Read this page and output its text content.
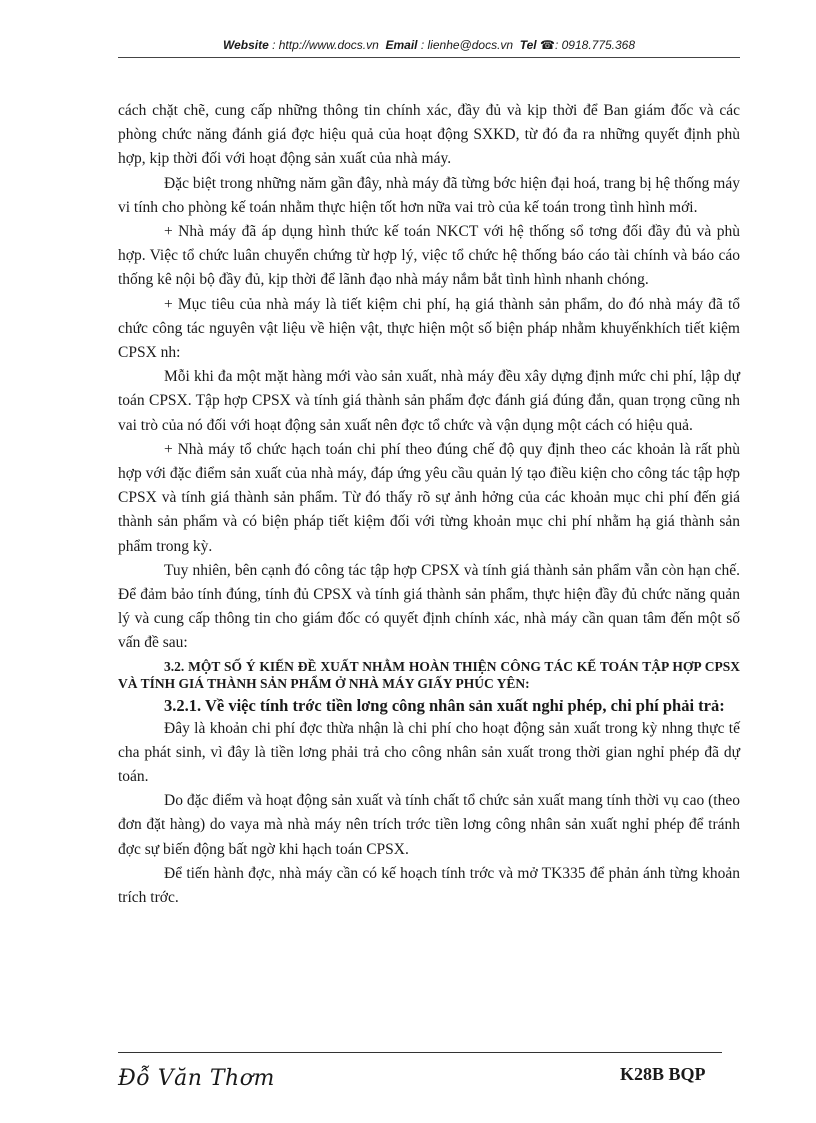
Website : http://www.docs.vn Email : lienhe@docs.vn Tel ☎: 0918.775.368

cách chặt chẽ, cung cấp những thông tin chính xác, đầy đủ và kịp thời để Ban giám đốc và các phòng chức năng đánh giá đợc hiệu quả của hoạt động SXKD, từ đó đa ra những quyết định phù hợp, kịp thời đối với hoạt động sản xuất của nhà máy.

Đặc biệt trong những năm gần đây, nhà máy đã từng bớc hiện đại hoá, trang bị hệ thống máy vi tính cho phòng kế toán nhằm thực hiện tốt hơn nữa vai trò của kế toán trong tình hình mới.

+ Nhà máy đã áp dụng hình thức kế toán NKCT với hệ thống sổ tơng đối đầy đủ và phù hợp. Việc tổ chức luân chuyển chứng từ hợp lý, việc tổ chức hệ thống báo cáo tài chính và báo cáo thống kê nội bộ đầy đủ, kịp thời để lãnh đạo nhà máy nắm bắt tình hình nhanh chóng.

+ Mục tiêu của nhà máy là tiết kiệm chi phí, hạ giá thành sản phẩm, do đó nhà máy đã tổ chức công tác nguyên vật liệu về hiện vật, thực hiện một số biện pháp nhằm khuyếnkhích tiết kiệm CPSX nh:

Mỗi khi đa một mặt hàng mới vào sản xuất, nhà máy đều xây dựng định mức chi phí, lập dự toán CPSX. Tập hợp CPSX và tính giá thành sản phẩm đợc đánh giá đúng đắn, quan trọng cũng nh vai trò của nó đối với hoạt động sản xuất nên đợc tổ chức và vận dụng một cách có hiệu quả.

+ Nhà máy tổ chức hạch toán chi phí theo đúng chế độ quy định theo các khoản là rất phù hợp với đặc điểm sản xuất của nhà máy, đáp ứng yêu cầu quản lý tạo điều kiện cho công tác tập hợp CPSX và tính giá thành sản phẩm. Từ đó thấy rõ sự ảnh hởng của các khoản mục chi phí đến giá thành sản phẩm và có biện pháp tiết kiệm đối với từng khoản mục chi phí nhằm hạ giá thành sản phẩm trong kỳ.

Tuy nhiên, bên cạnh đó công tác tập hợp CPSX và tính giá thành sản phẩm vẫn còn hạn chế. Để đảm bảo tính đúng, tính đủ CPSX và tính giá thành sản phẩm, thực hiện đầy đủ chức năng quản lý và cung cấp thông tin cho giám đốc có quyết định chính xác, nhà máy cần quan tâm đến một số vấn đề sau:

3.2. MỘT SỐ Ý KIẾN ĐỀ XUẤT NHẰM HOÀN THIỆN CÔNG TÁC KẾ TOÁN TẬP HỢP CPSX VÀ TÍNH GIÁ THÀNH SẢN PHẨM Ở NHÀ MÁY GIẤY PHÚC YÊN:

3.2.1. Về việc tính trớc tiền lơng công nhân sản xuất nghỉ phép, chi phí phải trả:

Đây là khoản chi phí đợc thừa nhận là chi phí cho hoạt động sản xuất trong kỳ nhng thực tế cha phát sinh, vì đây là tiền lơng phải trả cho công nhân sản xuất trong thời gian nghỉ phép đã dự toán.

Do đặc điểm và hoạt động sản xuất và tính chất tổ chức sản xuất mang tính thời vụ cao (theo đơn đặt hàng) do vaya mà nhà máy nên trích trớc tiền lơng công nhân sản xuất nghỉ phép để tránh đợc sự biến động bất ngờ khi hạch toán CPSX.

Để tiến hành đợc, nhà máy cần có kế hoạch tính trớc và mở TK335 để phản ánh từng khoản trích trớc.

Đỗ Văn Thơm	K28B BQP
